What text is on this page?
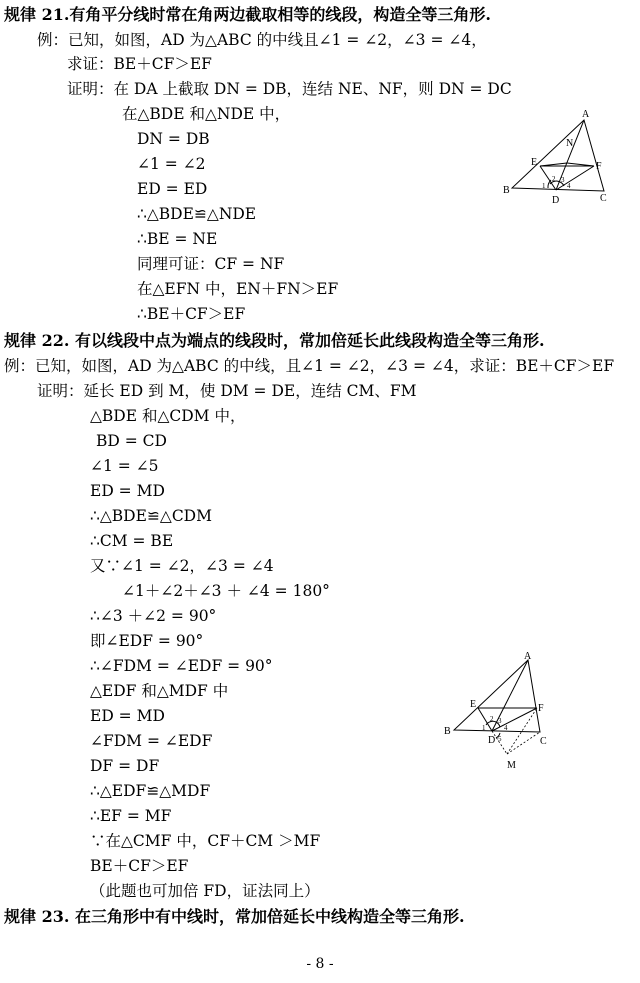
规律 21.有角平分线时常在角两边截取相等的线段，构造全等三角形.
例：已知，如图，AD 为△ABC 的中线且∠1 = ∠2，∠3 = ∠4，
求证：BE＋CF＞EF
证明：在 DA 上截取 DN = DB，连结 NE、NF，则 DN = DC
在△BDE 和△NDE 中，
DN = DB
∠1 = ∠2
ED = ED
∴△BDE≌△NDE
∴BE = NE
同理可证：CF = NF
在△EFN 中，EN＋FN＞EF
∴BE＋CF＞EF
A
B
C
D
E	F
N
1
2 3
4
规律 22. 有以线段中点为端点的线段时，常加倍延长此线段构造全等三角形.
例：已知，如图，AD 为△ABC 的中线，且∠1 = ∠2，∠3 = ∠4，求证：BE＋CF＞EF
证明：延长 ED 到 M，使 DM = DE，连结 CM、FM
△BDE 和△CDM 中，
BD = CD
∠1 = ∠5
ED = MD
∴△BDE≌△CDM
∴CM = BE
又∵∠1 = ∠2，∠3 = ∠4
∠1＋∠2＋∠3 ＋ ∠4 = 180°
∴∠3 ＋∠2 = 90°
即∠EDF = 90°
∴∠FDM = ∠EDF = 90°
△EDF 和△MDF 中
ED = MD
∠FDM = ∠EDF
DF = DF
∴△EDF≌△MDF
∴EF = MF
∵在△CMF 中，CF＋CM ＞MF
BE＋CF＞EF
（此题也可加倍 FD，证法同上）
A
B
C
D
E	F
M
1
2 3
4
5
规律 23. 在三角形中有中线时，常加倍延长中线构造全等三角形.
- 8 -
